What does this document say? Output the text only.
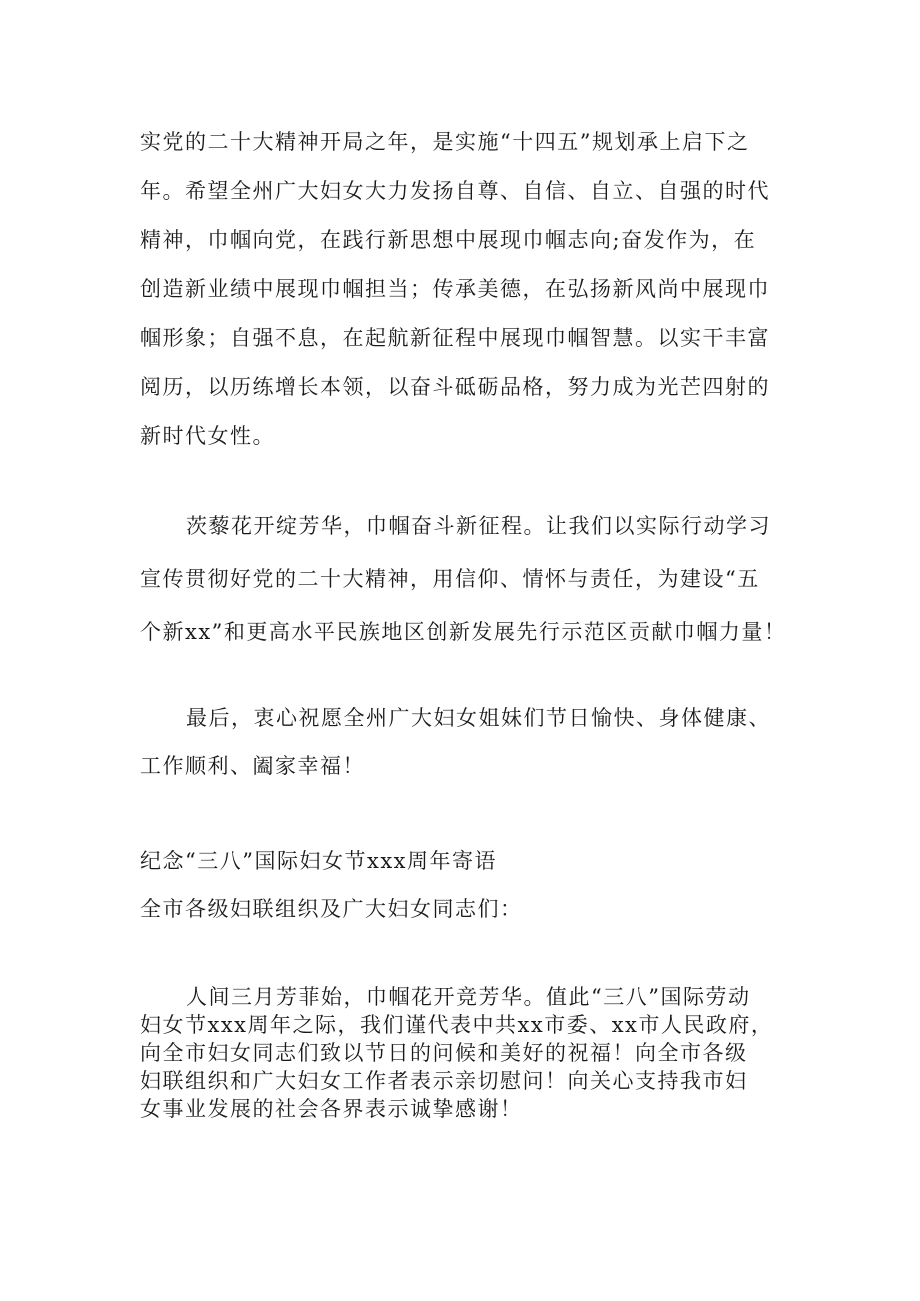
实党的二十大精神开局之年，是实施“十四五”规划承上启下之
年。希望全州广大妇女大力发扬自尊、自信、自立、自强的时代
精神，巾帼向党，在践行新思想中展现巾帼志向;奋发作为，在
创造新业绩中展现巾帼担当；传承美德，在弘扬新风尚中展现巾
帼形象；自强不息，在起航新征程中展现巾帼智慧。以实干丰富
阅历，以历练增长本领，以奋斗砥砺品格，努力成为光芒四射的
新时代女性。
茨藜花开绽芳华，巾帼奋斗新征程。让我们以实际行动学习
宣传贯彻好党的二十大精神，用信仰、情怀与责任，为建设“五
个新xx”和更高水平民族地区创新发展先行示范区贡献巾帼力量！
最后，衷心祝愿全州广大妇女姐妹们节日愉快、身体健康、
工作顺利、阖家幸福！
纪念“三八”国际妇女节xxx周年寄语
全市各级妇联组织及广大妇女同志们：
人间三月芳菲始，巾帼花开竞芳华。值此“三八”国际劳动
妇女节xxx周年之际，我们谨代表中共xx市委、xx市人民政府，
向全市妇女同志们致以节日的问候和美好的祝福！向全市各级
妇联组织和广大妇女工作者表示亲切慰问！向关心支持我市妇
女事业发展的社会各界表示诚挚感谢！
